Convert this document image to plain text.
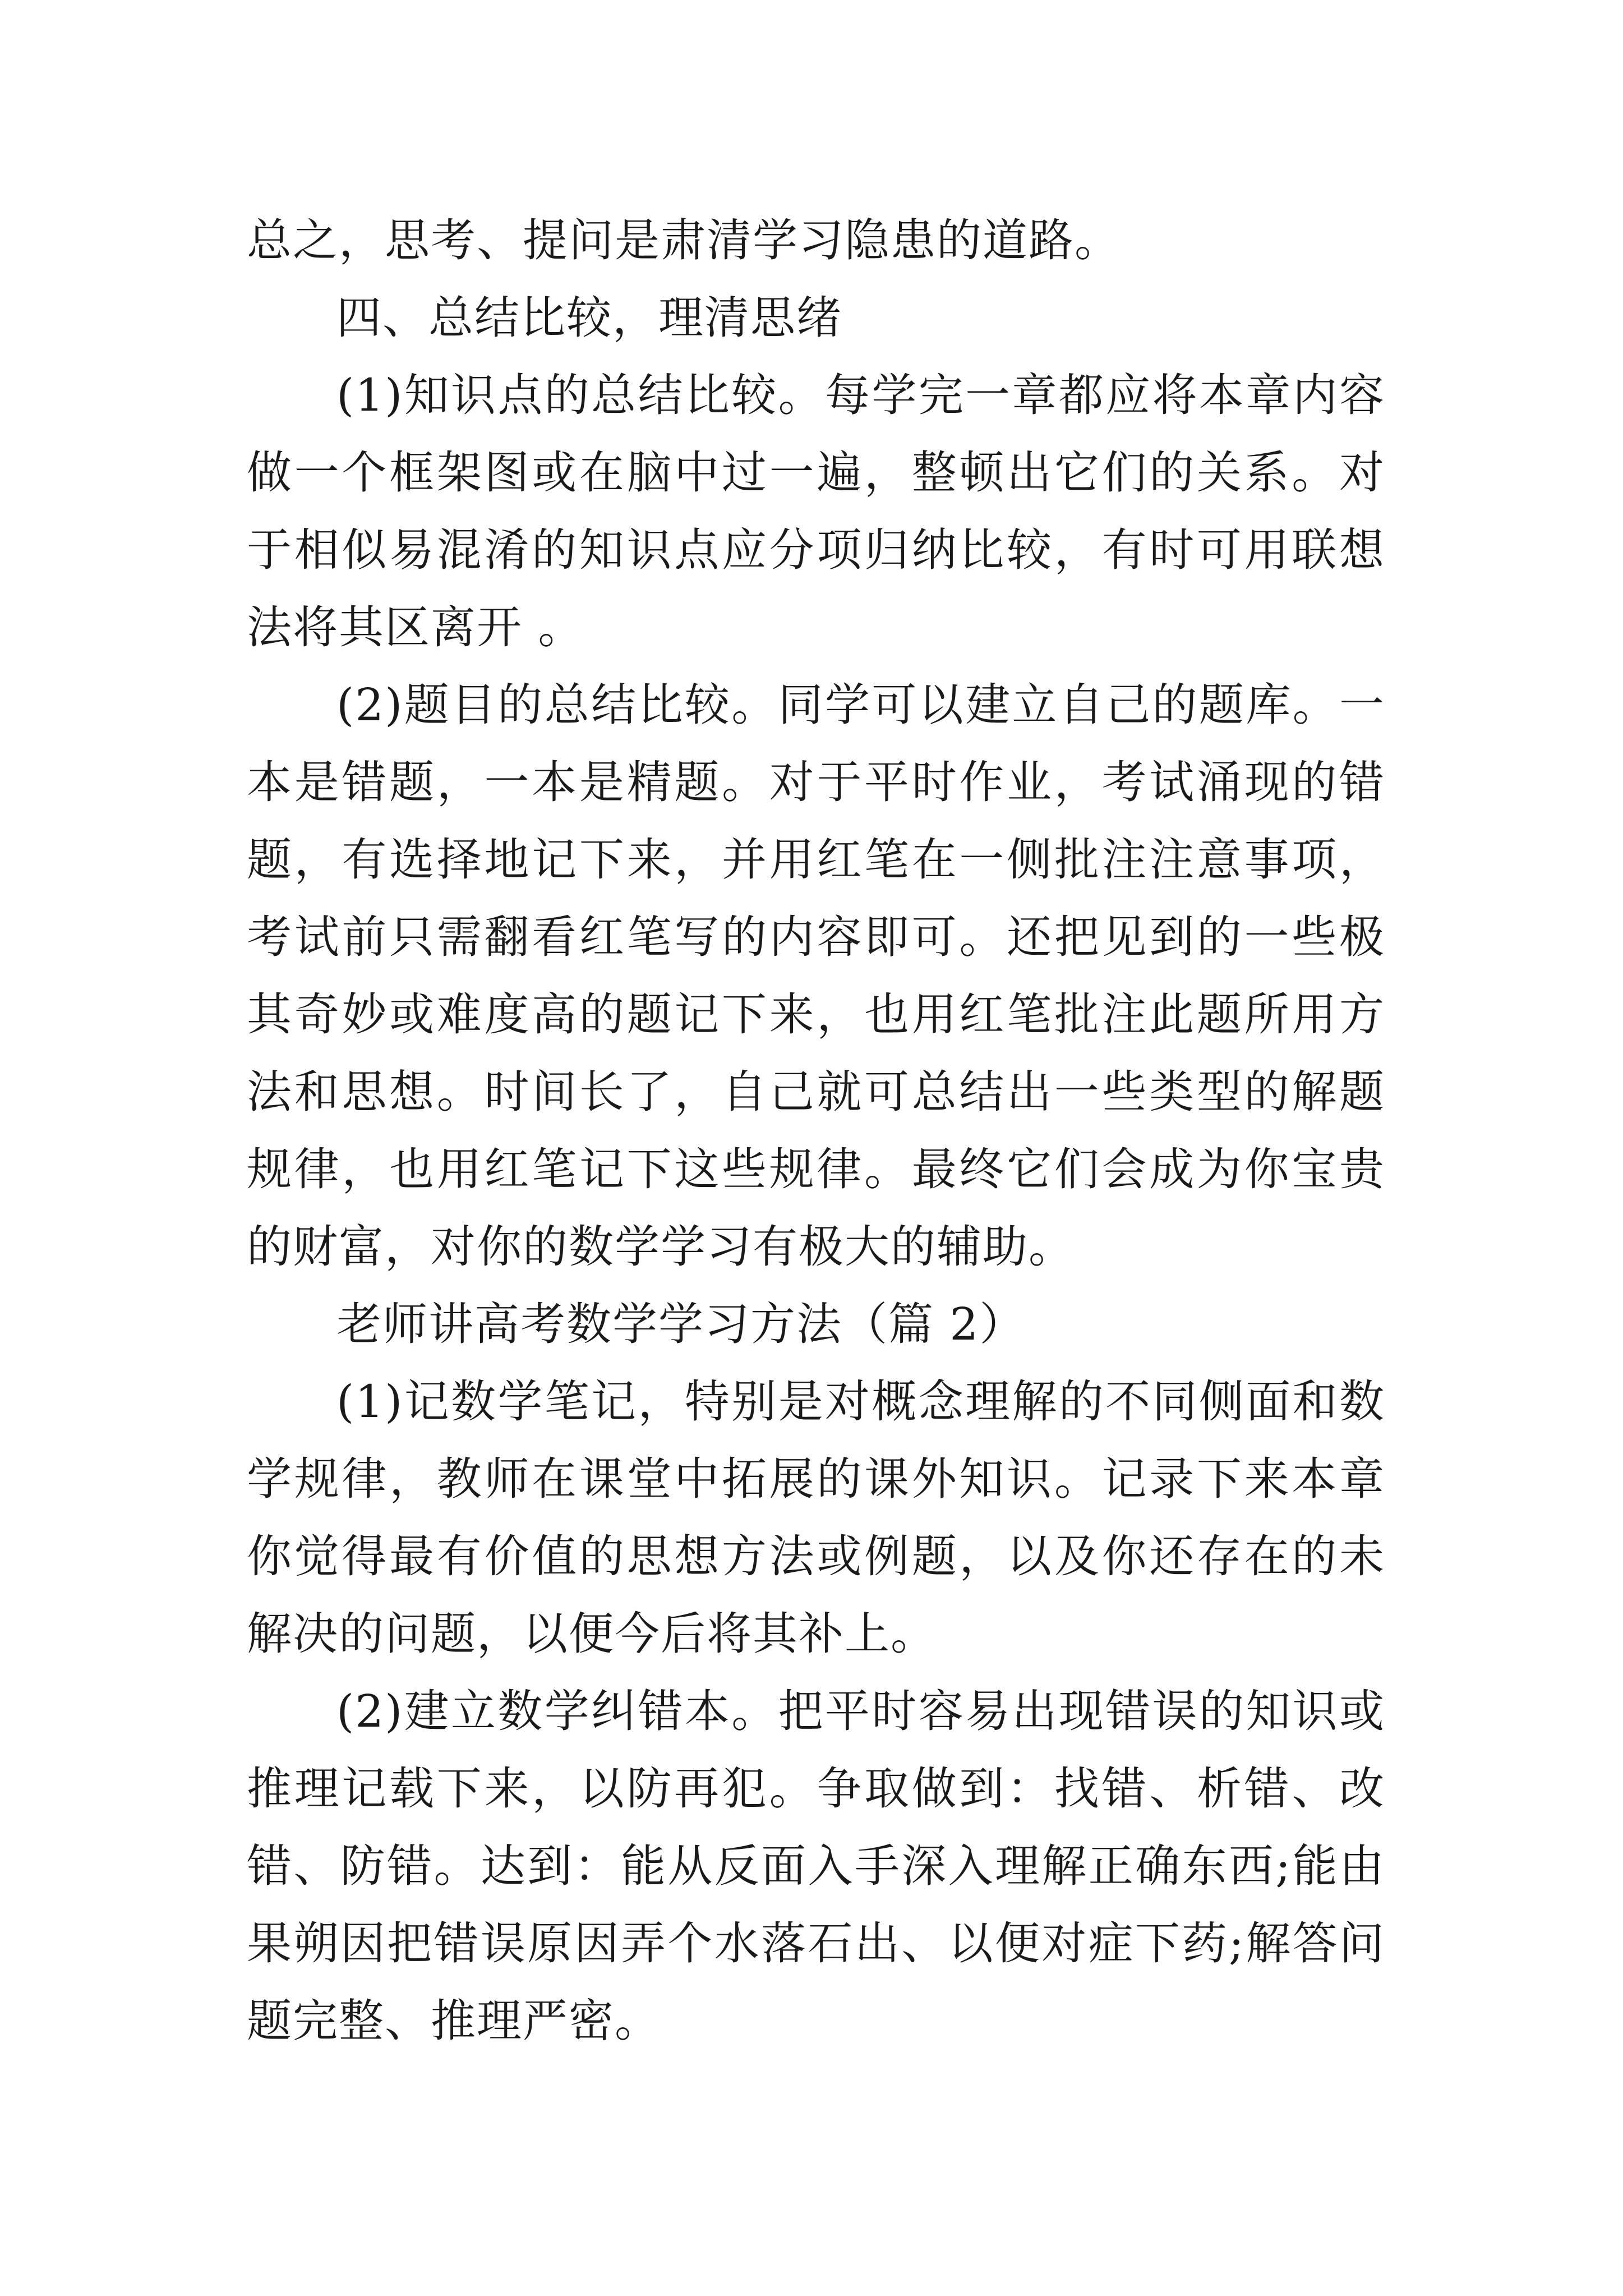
总之，思考、提问是肃清学习隐患的道路。

四、总结比较，理清思绪

(1)知识点的总结比较。每学完一章都应将本章内容做一个框架图或在脑中过一遍，整顿出它们的关系。对于相似易混淆的知识点应分项归纳比较，有时可用联想法将其区离开 。

(2)题目的总结比较。同学可以建立自己的题库。一本是错题，一本是精题。对于平时作业，考试涌现的错题，有选择地记下来，并用红笔在一侧批注注意事项，考试前只需翻看红笔写的内容即可。还把见到的一些极其奇妙或难度高的题记下来，也用红笔批注此题所用方法和思想。时间长了，自己就可总结出一些类型的解题规律，也用红笔记下这些规律。最终它们会成为你宝贵的财富，对你的数学学习有极大的辅助。

老师讲高考数学学习方法（篇 2）

(1)记数学笔记，特别是对概念理解的不同侧面和数学规律，教师在课堂中拓展的课外知识。记录下来本章你觉得最有价值的思想方法或例题，以及你还存在的未解决的问题，以便今后将其补上。

(2)建立数学纠错本。把平时容易出现错误的知识或推理记载下来，以防再犯。争取做到：找错、析错、改错、防错。达到：能从反面入手深入理解正确东西;能由果朔因把错误原因弄个水落石出、以便对症下药;解答问题完整、推理严密。
